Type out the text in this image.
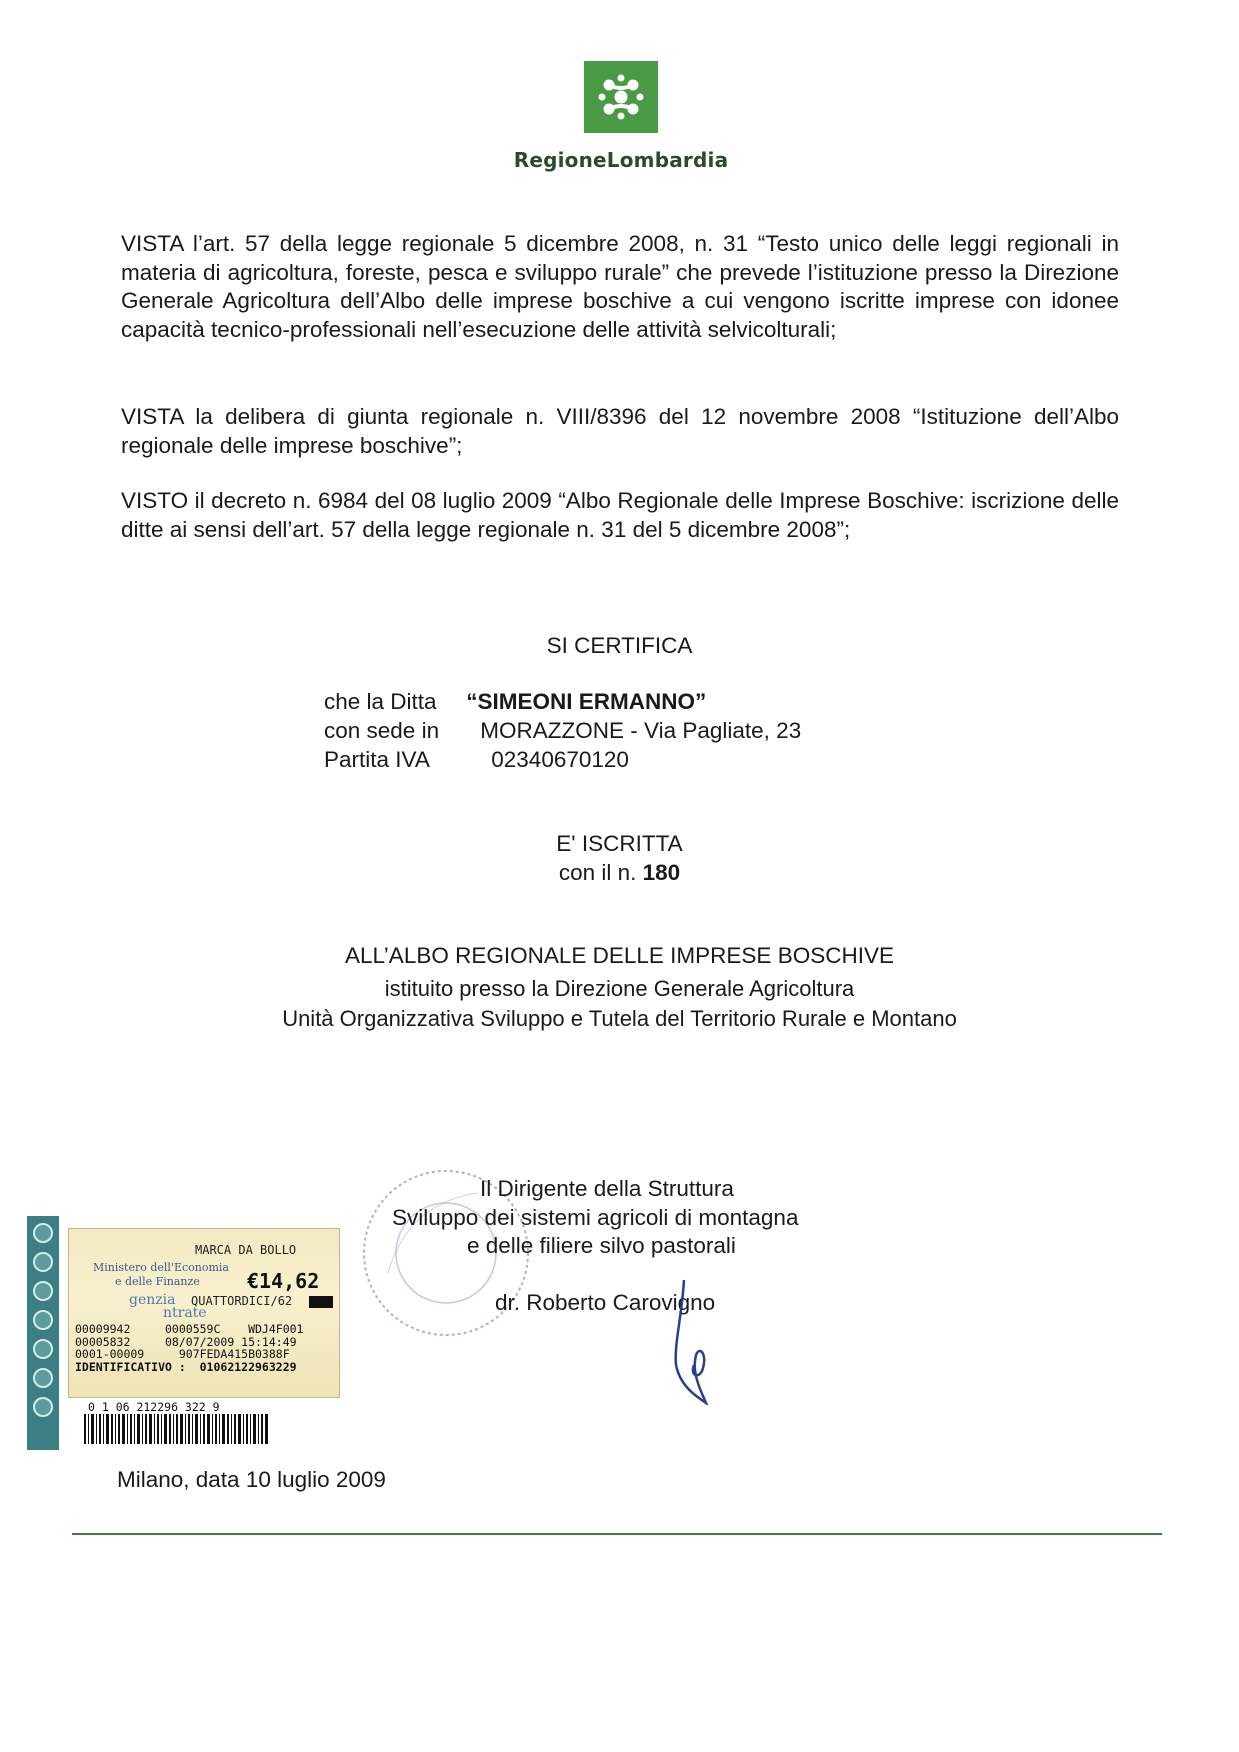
RegioneLombardia

VISTA l’art. 57 della legge regionale 5 dicembre 2008, n. 31 “Testo unico delle leggi regionali in materia di agricoltura, foreste, pesca e sviluppo rurale” che prevede l’istituzione presso la Direzione Generale Agricoltura dell’Albo delle imprese boschive a cui vengono iscritte imprese con idonee capacità tecnico-professionali nell’esecuzione delle attività selvicolturali;

VISTA la delibera di giunta regionale n. VIII/8396 del 12 novembre 2008 “Istituzione dell’Albo regionale delle imprese boschive”;

VISTO il decreto n. 6984 del 08 luglio 2009 “Albo Regionale delle Imprese Boschive: iscrizione delle ditte ai sensi dell’art. 57 della legge regionale n. 31 del 5 dicembre 2008”;

SI CERTIFICA
che la Ditta “SIMEONI ERMANNO”
con sede in MORAZZONE - Via Pagliate, 23
Partita IVA	02340670120
E' ISCRITTA
con il n. 180
ALL’ALBO REGIONALE DELLE IMPRESE BOSCHIVE
istituito presso la Direzione Generale Agricoltura
Unità Organizzativa Sviluppo e Tutela del Territorio Rurale e Montano
Il Dirigente della Struttura
Sviluppo dei sistemi agricoli di montagna
e delle filiere silvo pastorali
dr. Roberto Carovigno
MARCA DA BOLLO
Ministero dell'Economia
e delle Finanze €14,62
genzia
ntrate
QUATTORDICI/62
00009942     0000559C    WDJ4F001
00005832     08/07/2009 15:14:49
0001-00009     907FEDA415B0388F
IDENTIFICATIVO :  01062122963229
0 1 06 212296 322 9
Milano, data 10 luglio 2009
